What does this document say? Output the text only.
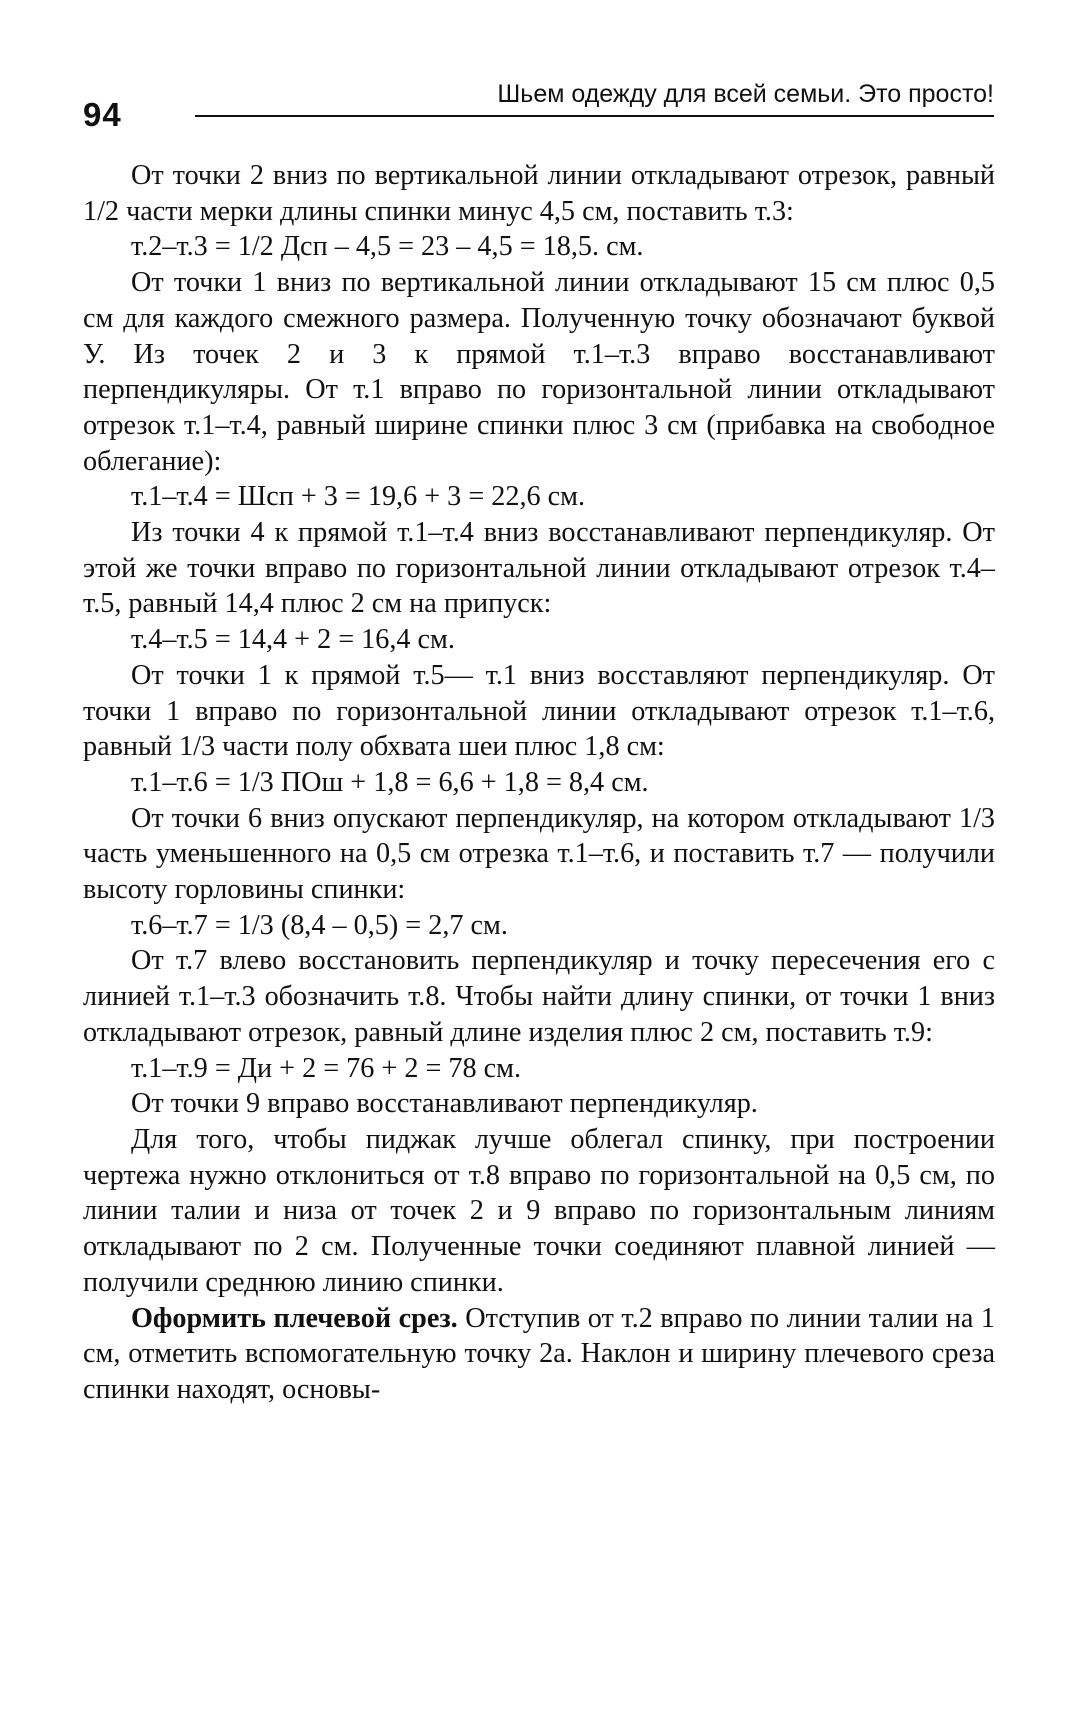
94
Шьем одежду для всей семьи. Это просто!

От точки 2 вниз по вертикальной линии откладывают отрезок, равный 1/2 части мерки длины спинки минус 4,5 см, поставить т.3:

т.2–т.3 = 1/2 Дсп – 4,5 = 23 – 4,5 = 18,5. см.

От точки 1 вниз по вертикальной линии откладывают 15 см плюс 0,5 см для каждого смежного размера. Полученную точку обозначают буквой У. Из точек 2 и 3 к прямой т.1–т.3 вправо восстанавливают перпендикуляры. От т.1 вправо по горизонтальной линии откладывают отрезок т.1–т.4, равный ширине спинки плюс 3 см (прибавка на свободное облегание):

т.1–т.4 = Шсп + 3 = 19,6 + 3 = 22,6 см.

Из точки 4 к прямой т.1–т.4 вниз восстанавливают перпендикуляр. От этой же точки вправо по горизонтальной линии откладывают отрезок т.4–т.5, равный 14,4 плюс 2 см на припуск:

т.4–т.5 = 14,4 + 2 = 16,4 см.

От точки 1 к прямой т.5— т.1 вниз восставляют перпендикуляр. От точки 1 вправо по горизонтальной линии откладывают отрезок т.1–т.6, равный 1/3 части полу обхвата шеи плюс 1,8 см:

т.1–т.6 = 1/3 ПОш + 1,8 = 6,6 + 1,8 = 8,4 см.

От точки 6 вниз опускают перпендикуляр, на котором откладывают 1/3 часть уменьшенного на 0,5 см отрезка т.1–т.6, и поставить т.7 — получили высоту горловины спинки:

т.6–т.7 = 1/3 (8,4 – 0,5) = 2,7 см.

От т.7 влево восстановить перпендикуляр и точку пересечения его с линией т.1–т.3 обозначить т.8. Чтобы найти длину спинки, от точки 1 вниз откладывают отрезок, равный длине изделия плюс 2 см, поставить т.9:

т.1–т.9 = Ди + 2 = 76 + 2 = 78 см.

От точки 9 вправо восстанавливают перпендикуляр.

Для того, чтобы пиджак лучше облегал спинку, при построении чертежа нужно отклониться от т.8 вправо по горизонтальной на 0,5 см, по линии талии и низа от точек 2 и 9 вправо по горизонтальным линиям откладывают по 2 см. Полученные точки соединяют плавной линией — получили среднюю линию спинки.

Оформить плечевой срез. Отступив от т.2 вправо по линии талии на 1 см, отметить вспомогательную точку 2а. Наклон и ширину плечевого среза спинки находят, основы-
